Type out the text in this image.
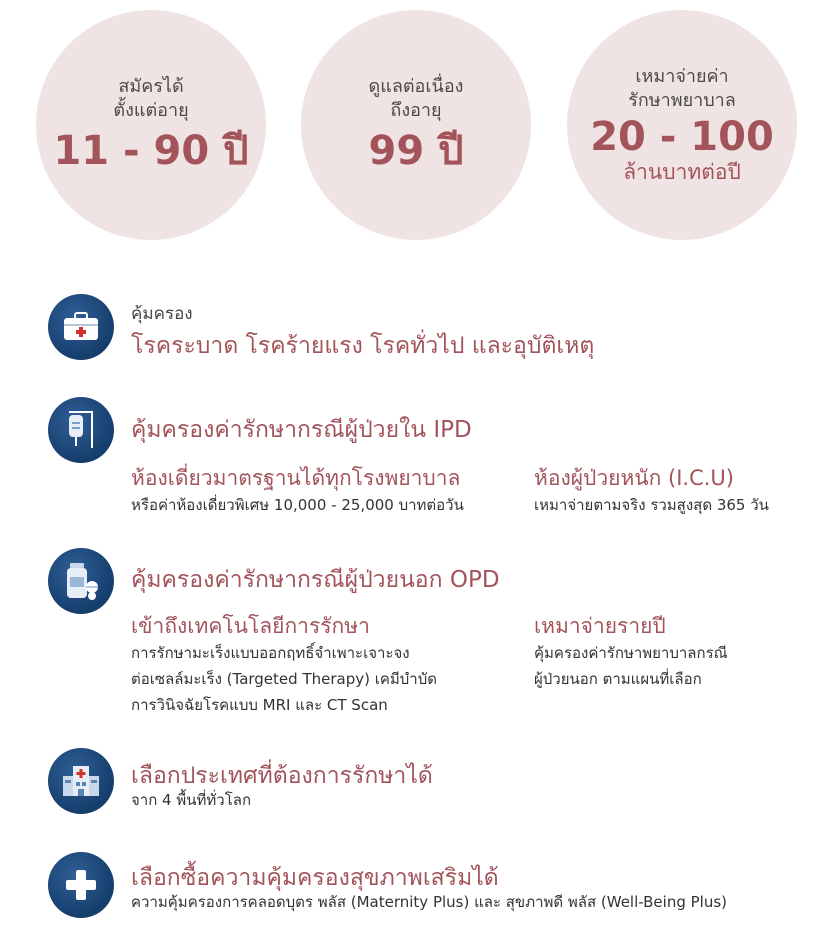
สมัครได้
ตั้งแต่อายุ
11 - 90 ปี
ดูแลต่อเนื่อง
ถึงอายุ
99 ปี
เหมาจ่ายค่า
รักษาพยาบาล
20 - 100
ล้านบาทต่อปี
คุ้มครอง
โรคระบาด โรคร้ายแรง โรคทั่วไป และอุบัติเหตุ
คุ้มครองค่ารักษากรณีผู้ป่วยใน IPD
ห้องเดี่ยวมาตรฐานได้ทุกโรงพยาบาล
หรือค่าห้องเดี่ยวพิเศษ 10,000 - 25,000 บาทต่อวัน
ห้องผู้ป่วยหนัก (I.C.U)
เหมาจ่ายตามจริง รวมสูงสุด 365 วัน
คุ้มครองค่ารักษากรณีผู้ป่วยนอก OPD
เข้าถึงเทคโนโลยีการรักษา
การรักษามะเร็งแบบออกฤทธิ์จำเพาะเจาะจง
ต่อเซลล์มะเร็ง (Targeted Therapy) เคมีบำบัด
การวินิจฉัยโรคแบบ MRI และ CT Scan
เหมาจ่ายรายปี
คุ้มครองค่ารักษาพยาบาลกรณี
ผู้ป่วยนอก ตามแผนที่เลือก
เลือกประเทศที่ต้องการรักษาได้
จาก 4 พื้นที่ทั่วโลก
เลือกซื้อความคุ้มครองสุขภาพเสริมได้
ความคุ้มครองการคลอดบุตร พลัส (Maternity Plus) และ สุขภาพดี พลัส (Well-Being Plus)
